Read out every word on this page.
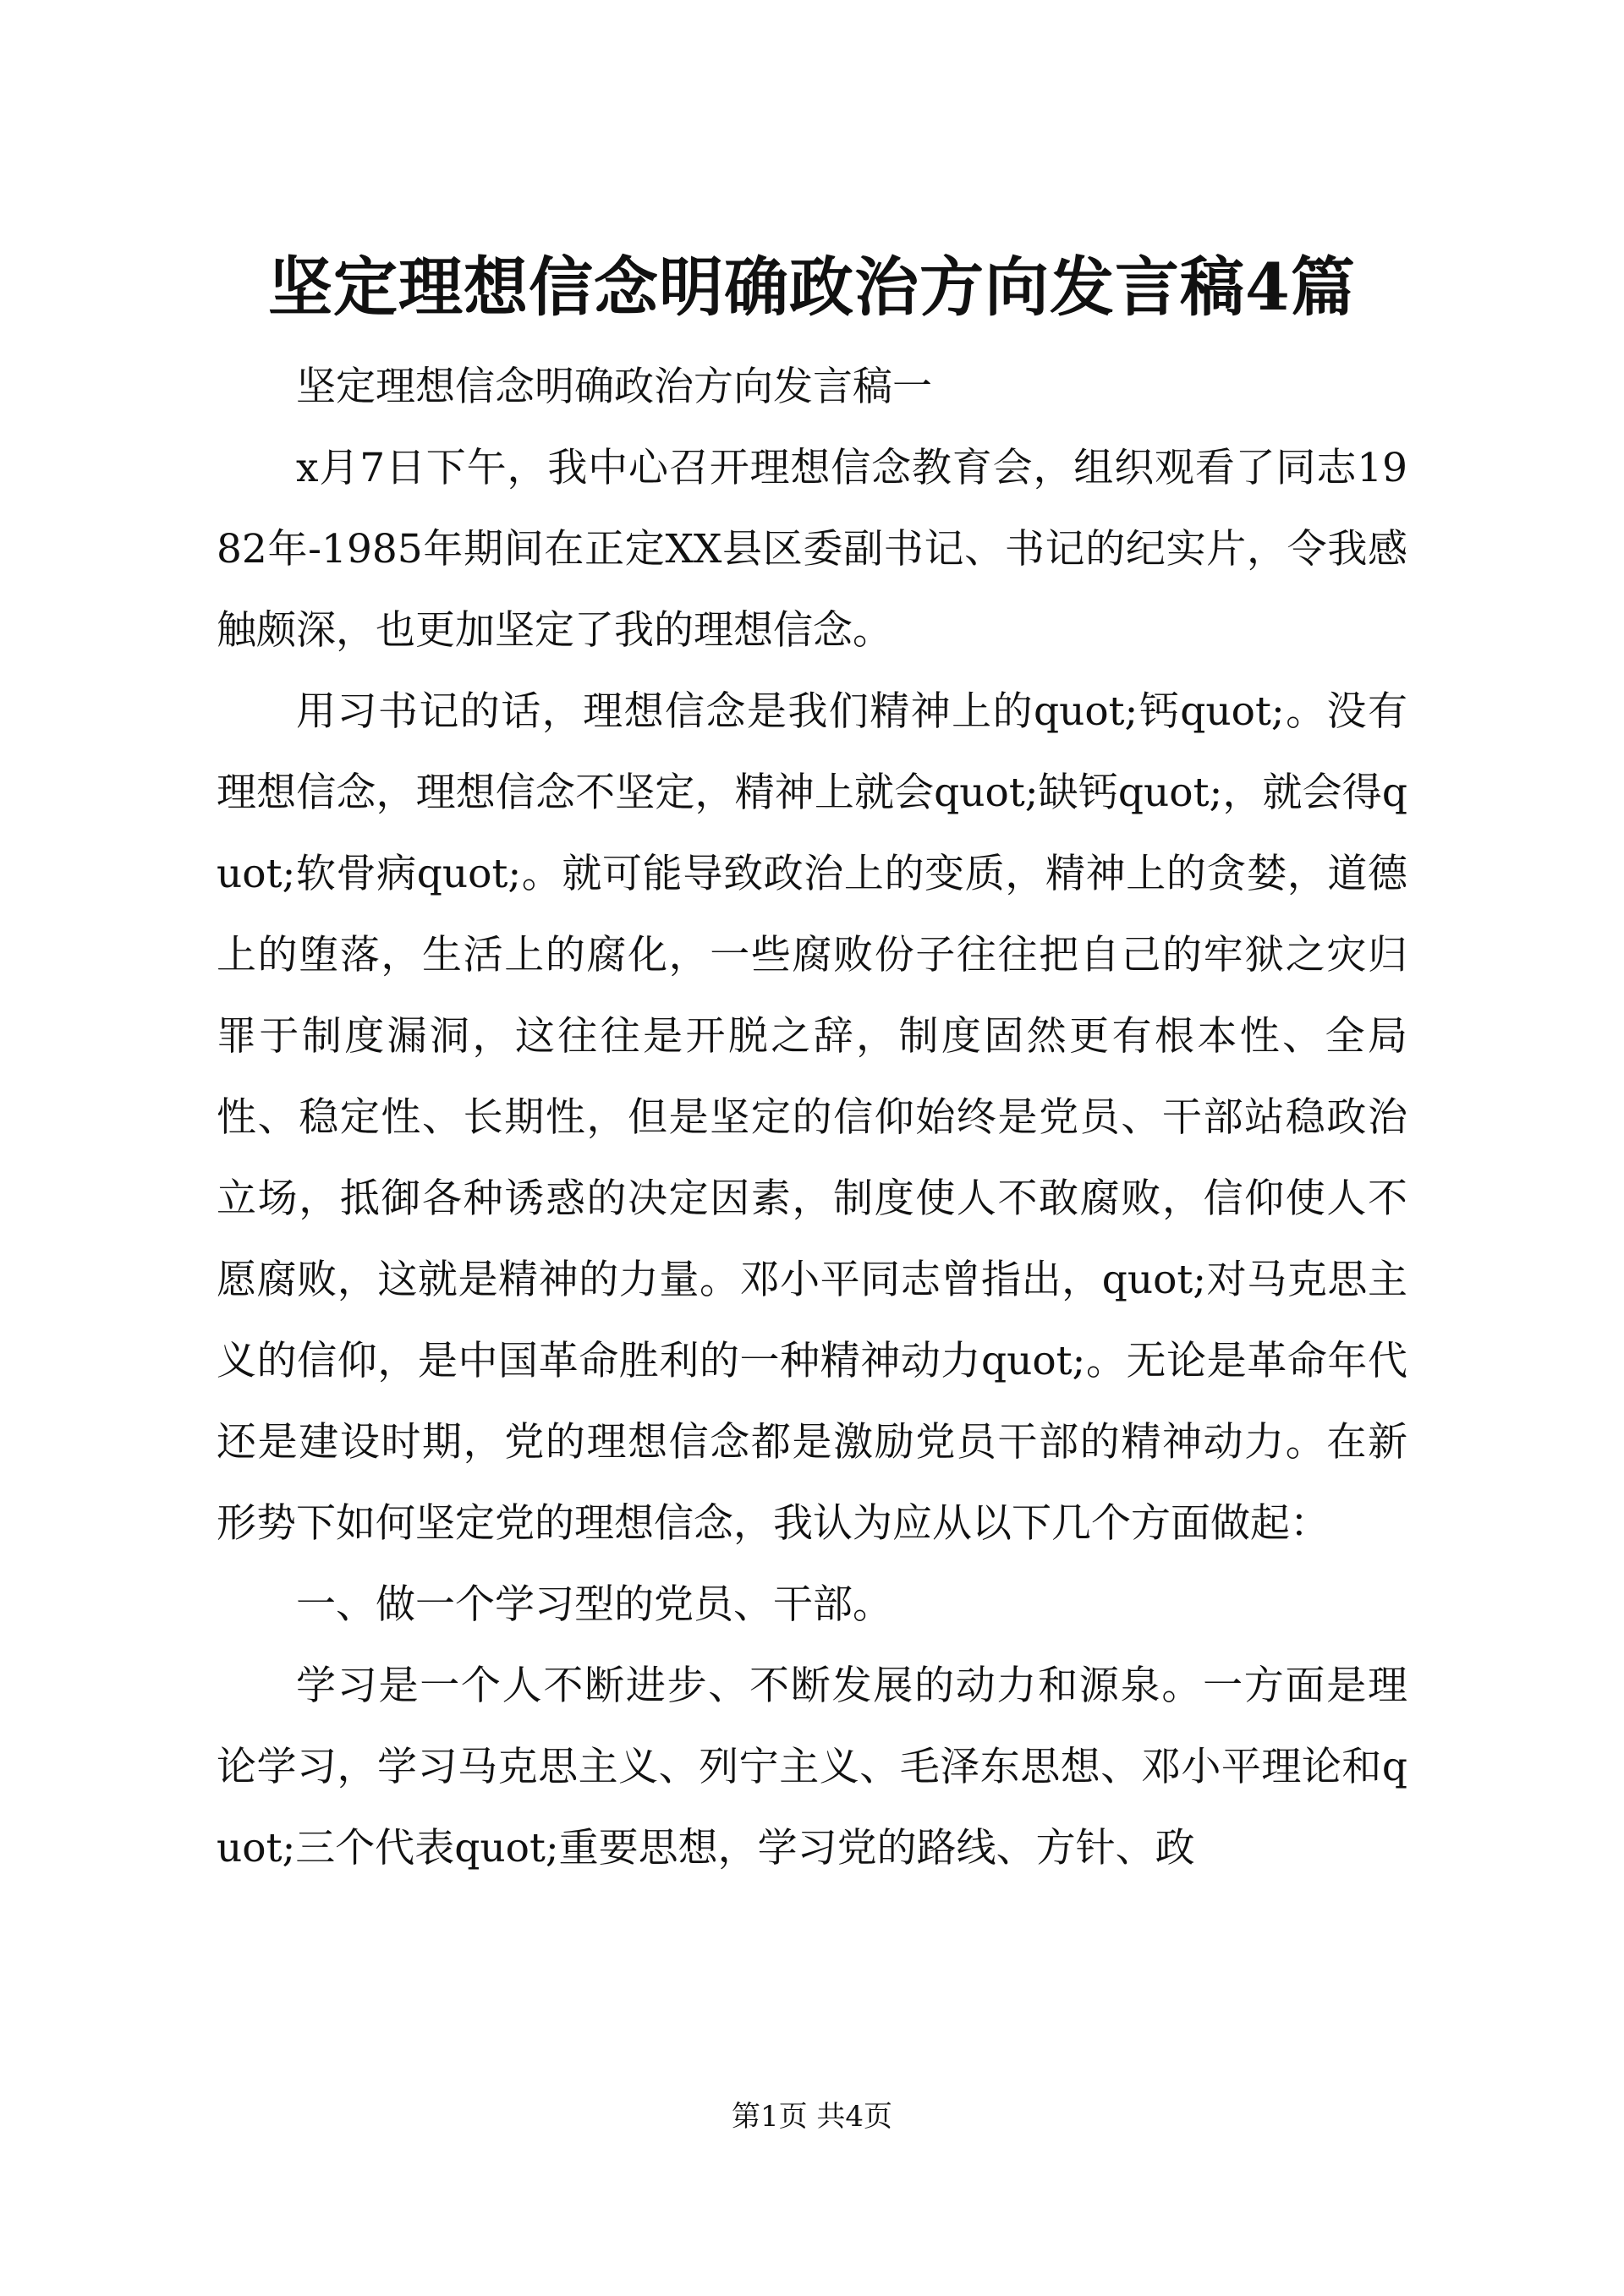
坚定理想信念明确政治方向发言稿4篇

坚定理想信念明确政治方向发言稿一

x月7日下午，我中心召开理想信念教育会，组织观看了同志1982年-1985年期间在正定XX县区委副书记、书记的纪实片，令我感触颇深，也更加坚定了我的理想信念。

用习书记的话，理想信念是我们精神上的quot;钙quot;。没有理想信念，理想信念不坚定，精神上就会quot;缺钙quot;，就会得quot;软骨病quot;。就可能导致政治上的变质，精神上的贪婪，道德上的堕落，生活上的腐化，一些腐败份子往往把自己的牢狱之灾归罪于制度漏洞，这往往是开脱之辞，制度固然更有根本性、全局性、稳定性、长期性，但是坚定的信仰始终是党员、干部站稳政治立场，抵御各种诱惑的决定因素，制度使人不敢腐败，信仰使人不愿腐败，这就是精神的力量。邓小平同志曾指出，quot;对马克思主义的信仰，是中国革命胜利的一种精神动力quot;。无论是革命年代还是建设时期，党的理想信念都是激励党员干部的精神动力。在新形势下如何坚定党的理想信念，我认为应从以下几个方面做起：

一、做一个学习型的党员、干部。

学习是一个人不断进步、不断发展的动力和源泉。一方面是理论学习，学习马克思主义、列宁主义、毛泽东思想、邓小平理论和quot;三个代表quot;重要思想，学习党的路线、方针、政

第1页 共4页
